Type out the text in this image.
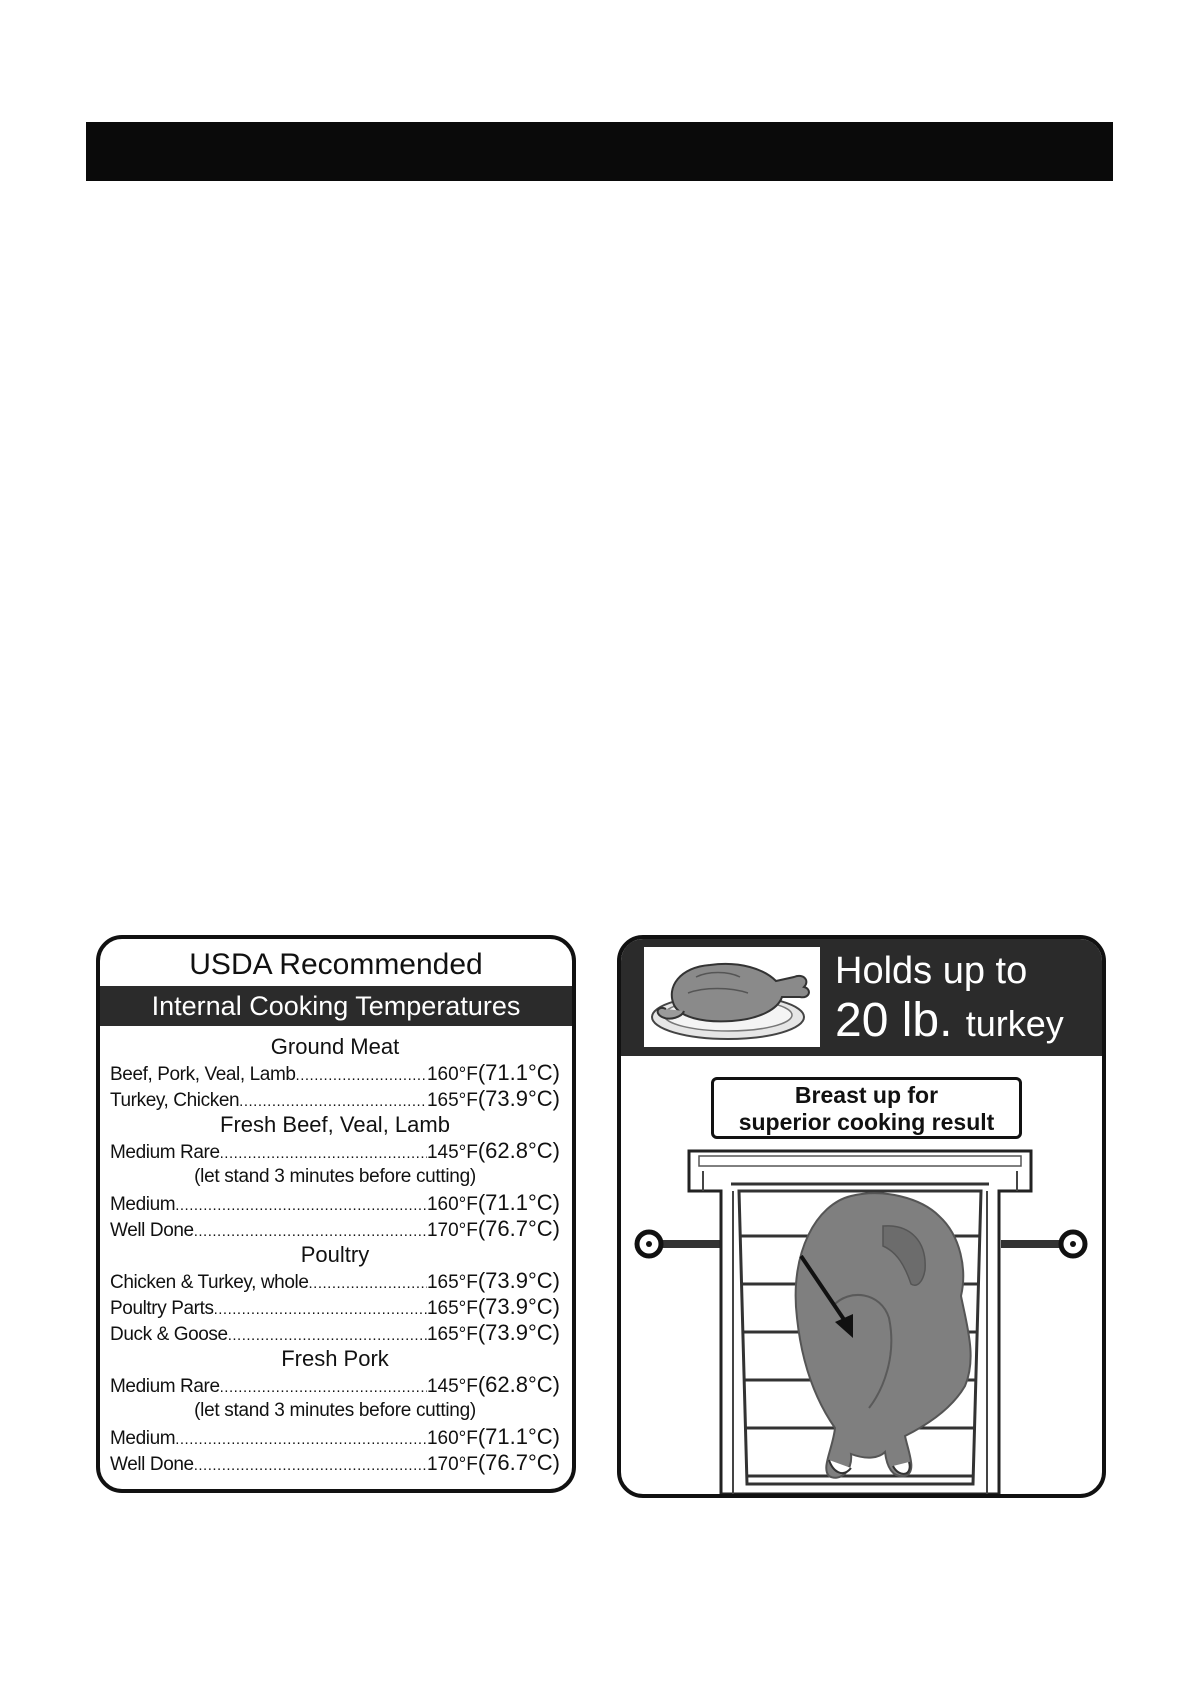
USDA Recommended
Internal Cooking Temperatures
Ground Meat
Beef, Pork, Veal, Lamb .....	160°F(71.1°C)
Turkey, Chicken .....	165°F(73.9°C)
Fresh Beef, Veal, Lamb
Medium Rare .....	145°F(62.8°C)
(let stand 3 minutes before cutting)
Medium .....	160°F(71.1°C)
Well Done .....	170°F(76.7°C)
Poultry
Chicken & Turkey, whole .....	165°F(73.9°C)
Poultry Parts .....	165°F(73.9°C)
Duck & Goose .....	165°F(73.9°C)
Fresh Pork
Medium Rare .....	145°F(62.8°C)
(let stand 3 minutes before cutting)
Medium .....	160°F(71.1°C)
Well Done .....	170°F(76.7°C)
Holds up to
20 lb. turkey
Breast up for
superior cooking result
